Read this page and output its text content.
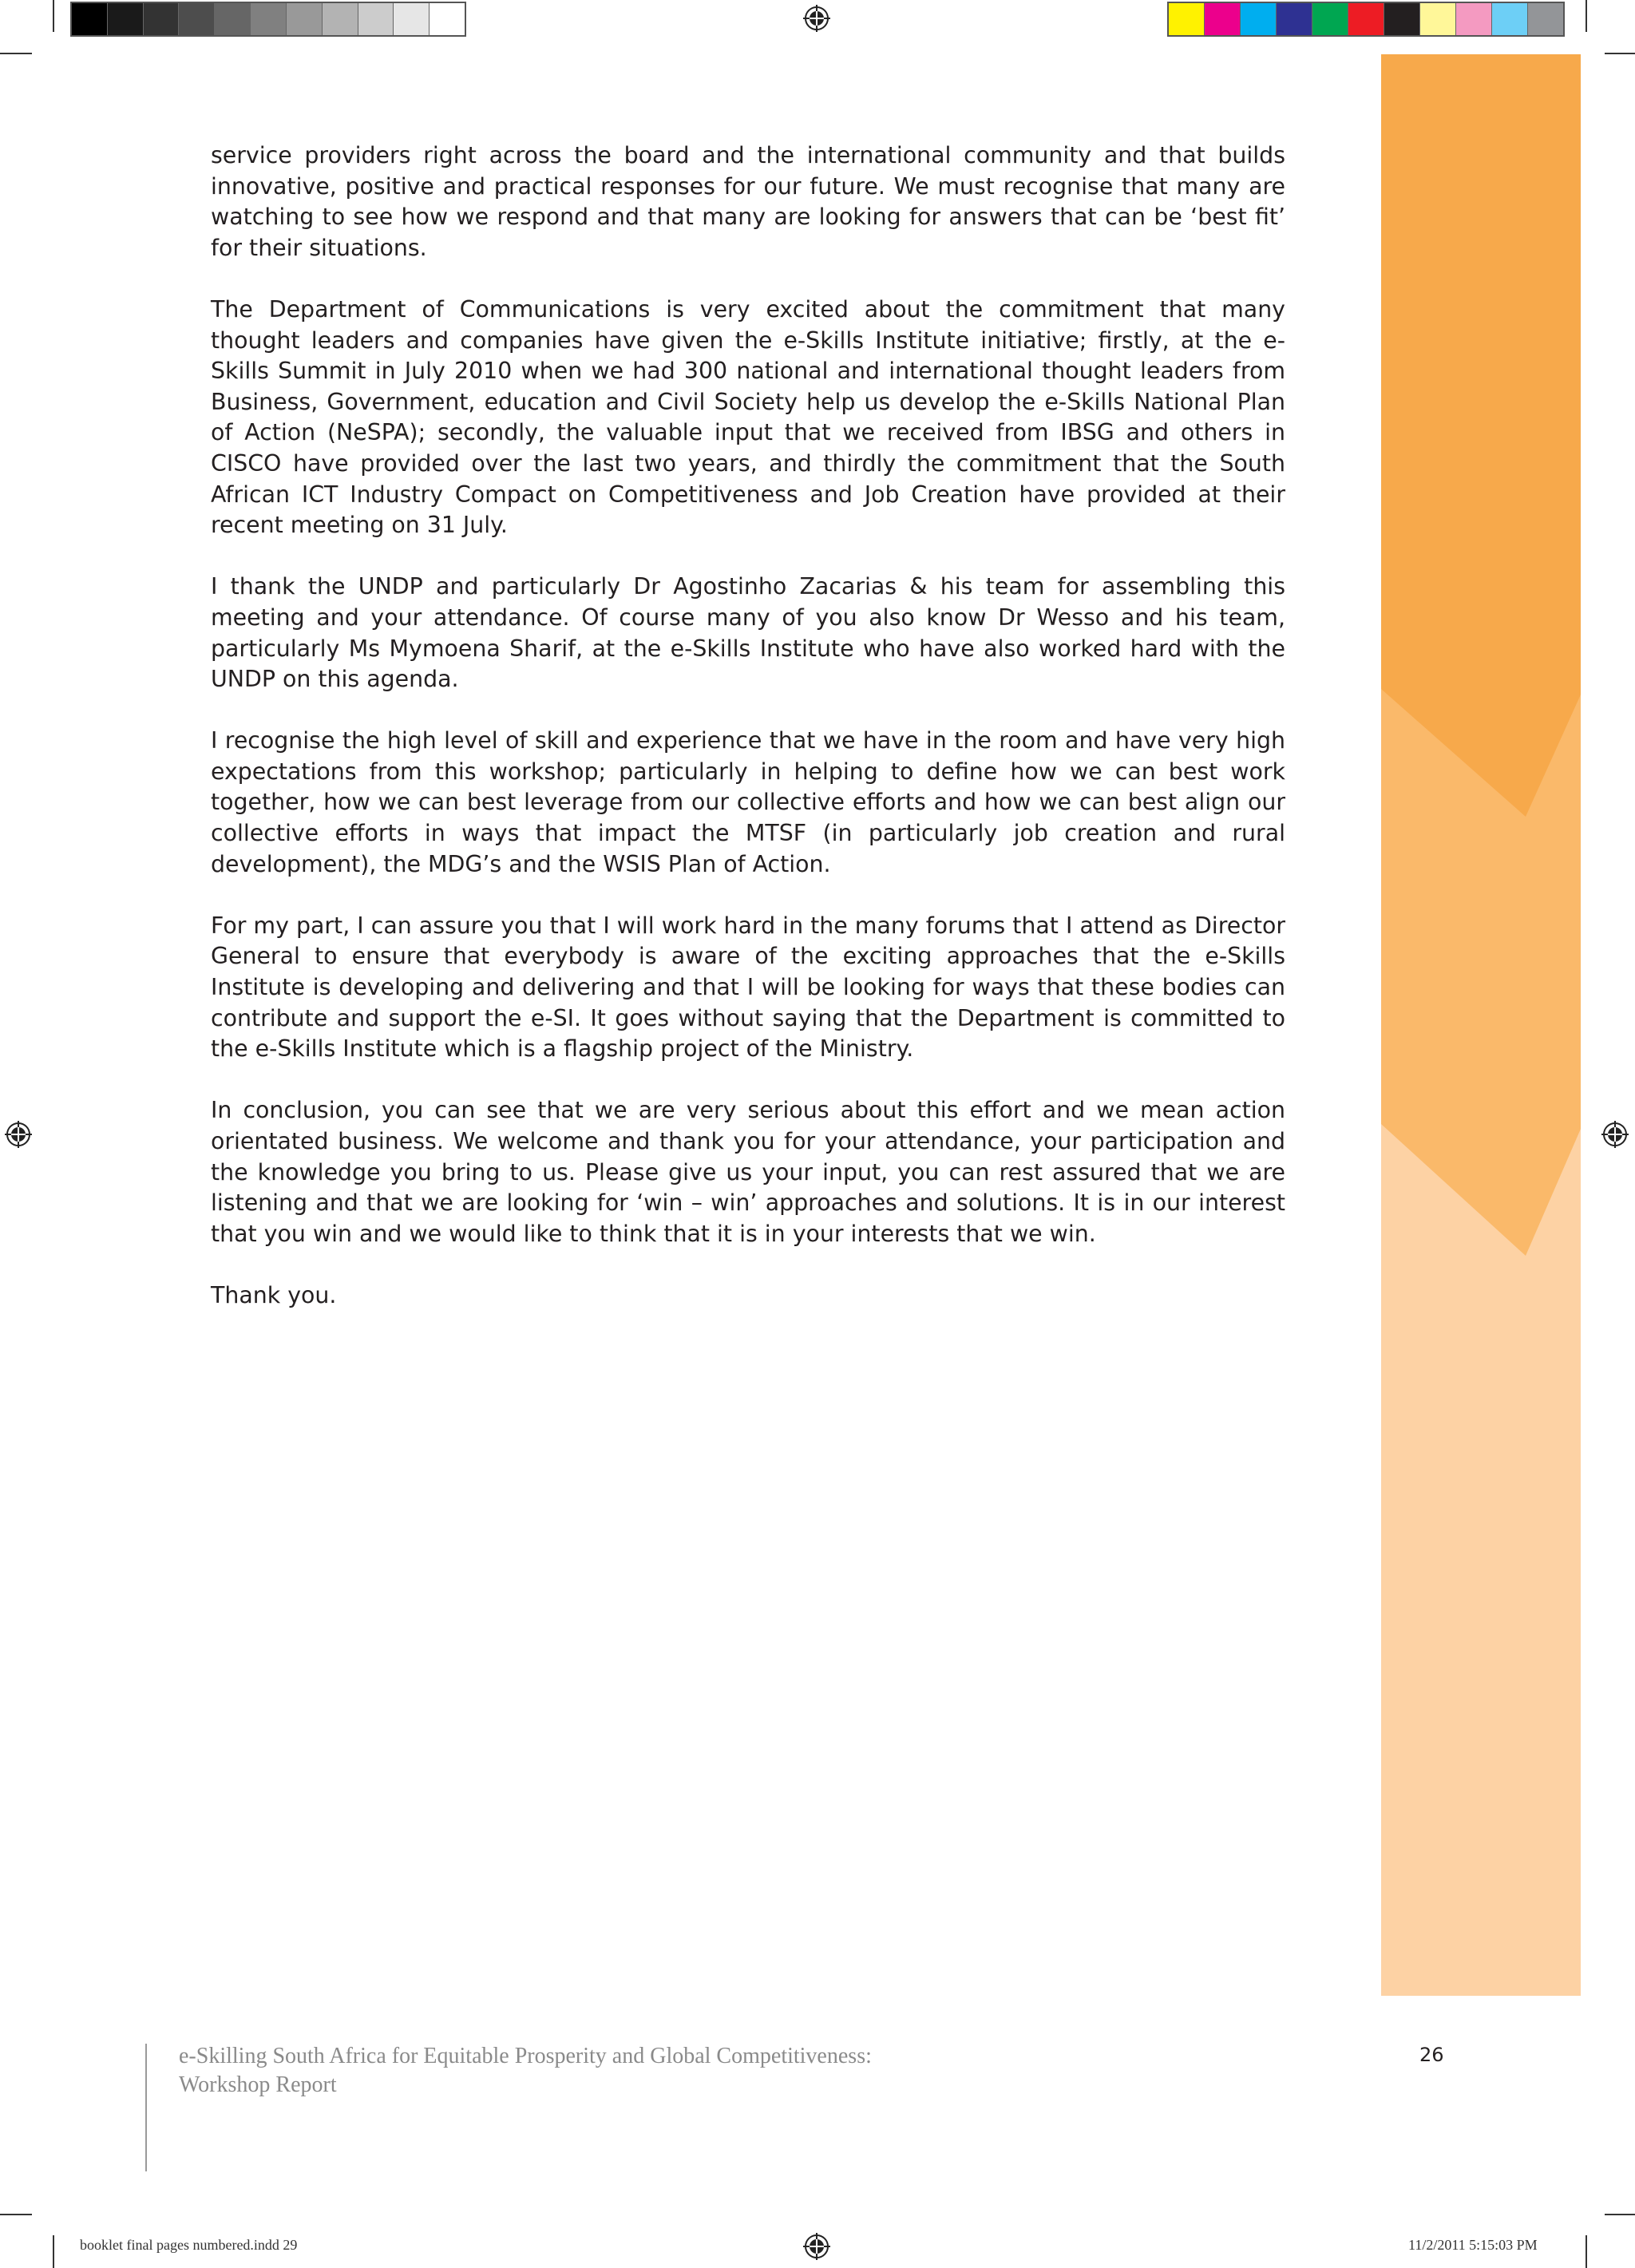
service providers right across the board and the international community and that builds innovative, positive and practical responses for our future. We must recognise that many are watching to see how we respond and that many are looking for answers that can be ‘best fit’ for their situations.

The Department of Communications is very excited about the commitment that many thought leaders and companies have given the e-Skills Institute initiative; firstly, at the e-Skills Summit in July 2010 when we had 300 national and international thought leaders from Business, Government, education and Civil Society help us develop the e-Skills National Plan of Action (NeSPA); secondly, the valuable input that we received from IBSG and others in CISCO have provided over the last two years, and thirdly the commitment that the South African ICT Industry Compact on Competitiveness and Job Creation have provided at their recent meeting on 31 July.

I thank the UNDP and particularly Dr Agostinho Zacarias & his team for assembling this meeting and your attendance. Of course many of you also know Dr Wesso and his team, particularly Ms Mymoena Sharif, at the e-Skills Institute who have also worked hard with the UNDP on this agenda.

I recognise the high level of skill and experience that we have in the room and have very high expectations from this workshop; particularly in helping to define how we can best work together, how we can best leverage from our collective efforts and how we can best align our collective efforts in ways that impact the MTSF (in particularly job creation and rural development), the MDG’s and the WSIS Plan of Action.

For my part, I can assure you that I will work hard in the many forums that I attend as Director General to ensure that everybody is aware of the exciting approaches that the e-Skills Institute is developing and delivering and that I will be looking for ways that these bodies can contribute and support the e-SI. It goes without saying that the Department is committed to the e-Skills Institute which is a flagship project of the Ministry.

In conclusion, you can see that we are very serious about this effort and we mean action orientated business. We welcome and thank you for your attendance, your participation and the knowledge you bring to us. Please give us your input, you can rest assured that we are listening and that we are looking for ‘win – win’ approaches and solutions. It is in our interest that you win and we would like to think that it is in your interests that we win.

Thank you.

e-Skilling South Africa for Equitable Prosperity and Global Competitiveness:
Workshop Report
26
booklet final pages numbered.indd 29	11/2/2011 5:15:03 PM
